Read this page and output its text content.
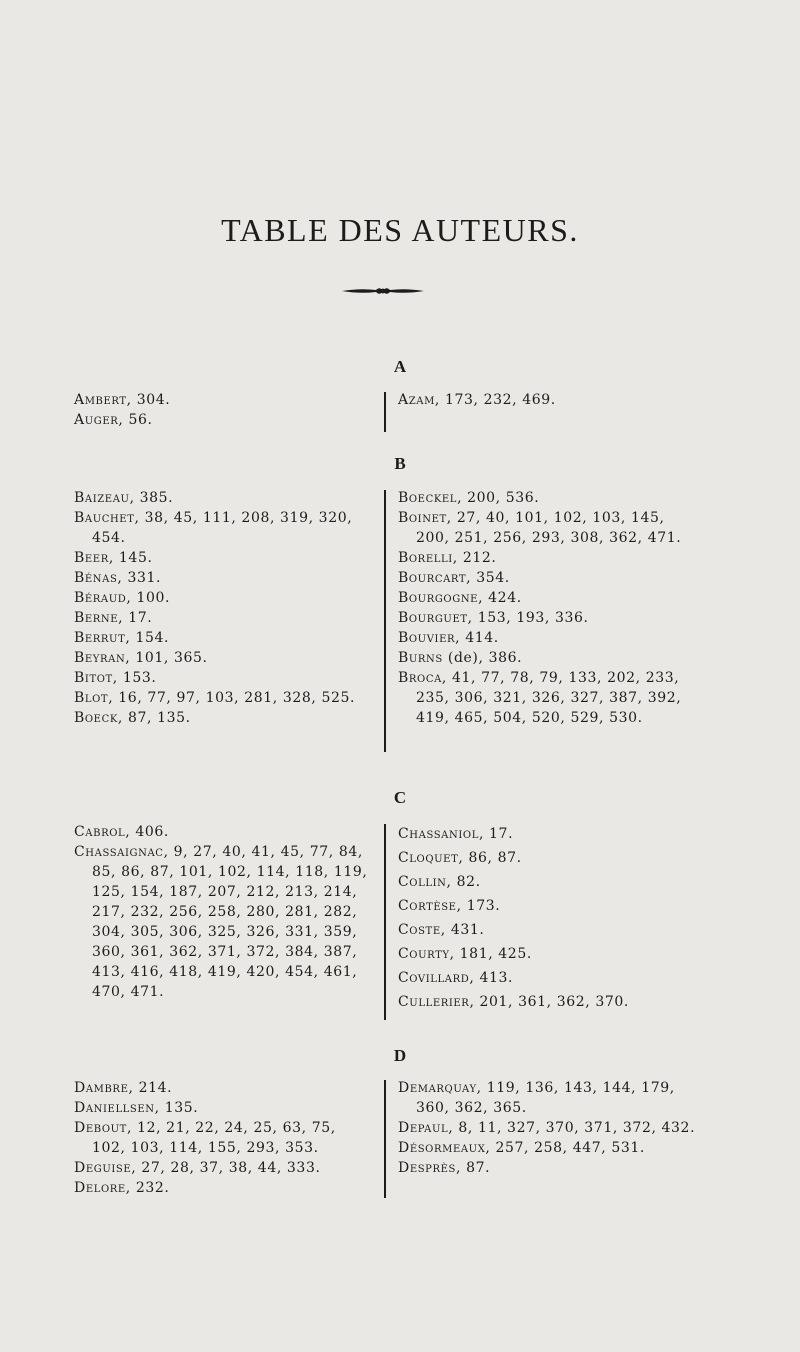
TABLE DES AUTEURS.
A
Ambert, 304.
Auger, 56.
Azam, 173, 232, 469.
B
Baizeau, 385.
Bauchet, 38, 45, 111, 208, 319, 320, 454.
Beer, 145.
Bénas, 331.
Béraud, 100.
Berne, 17.
Berrut, 154.
Beyran, 101, 365.
Bitot, 153.
Blot, 16, 77, 97, 103, 281, 328, 525.
Boeck, 87, 135.
Boeckel, 200, 536.
Boinet, 27, 40, 101, 102, 103, 145, 200, 251, 256, 293, 308, 362, 471.
Borelli, 212.
Bourcart, 354.
Bourgogne, 424.
Bourguet, 153, 193, 336.
Bouvier, 414.
Burns (de), 386.
Broca, 41, 77, 78, 79, 133, 202, 233, 235, 306, 321, 326, 327, 387, 392, 419, 465, 504, 520, 529, 530.
C
Cabrol, 406.
Chassaignac, 9, 27, 40, 41, 45, 77, 84, 85, 86, 87, 101, 102, 114, 118, 119, 125, 154, 187, 207, 212, 213, 214, 217, 232, 256, 258, 280, 281, 282, 304, 305, 306, 325, 326, 331, 359, 360, 361, 362, 371, 372, 384, 387, 413, 416, 418, 419, 420, 454, 461, 470, 471.
Chassaniol, 17.
Cloquet, 86, 87.
Collin, 82.
Cortèse, 173.
Coste, 431.
Courty, 181, 425.
Covillard, 413.
Cullerier, 201, 361, 362, 370.
D
Dambre, 214.
Daniellsen, 135.
Debout, 12, 21, 22, 24, 25, 63, 75, 102, 103, 114, 155, 293, 353.
Deguise, 27, 28, 37, 38, 44, 333.
Delore, 232.
Demarquay, 119, 136, 143, 144, 179, 360, 362, 365.
Depaul, 8, 11, 327, 370, 371, 372, 432.
Désormeaux, 257, 258, 447, 531.
Desprès, 87.
